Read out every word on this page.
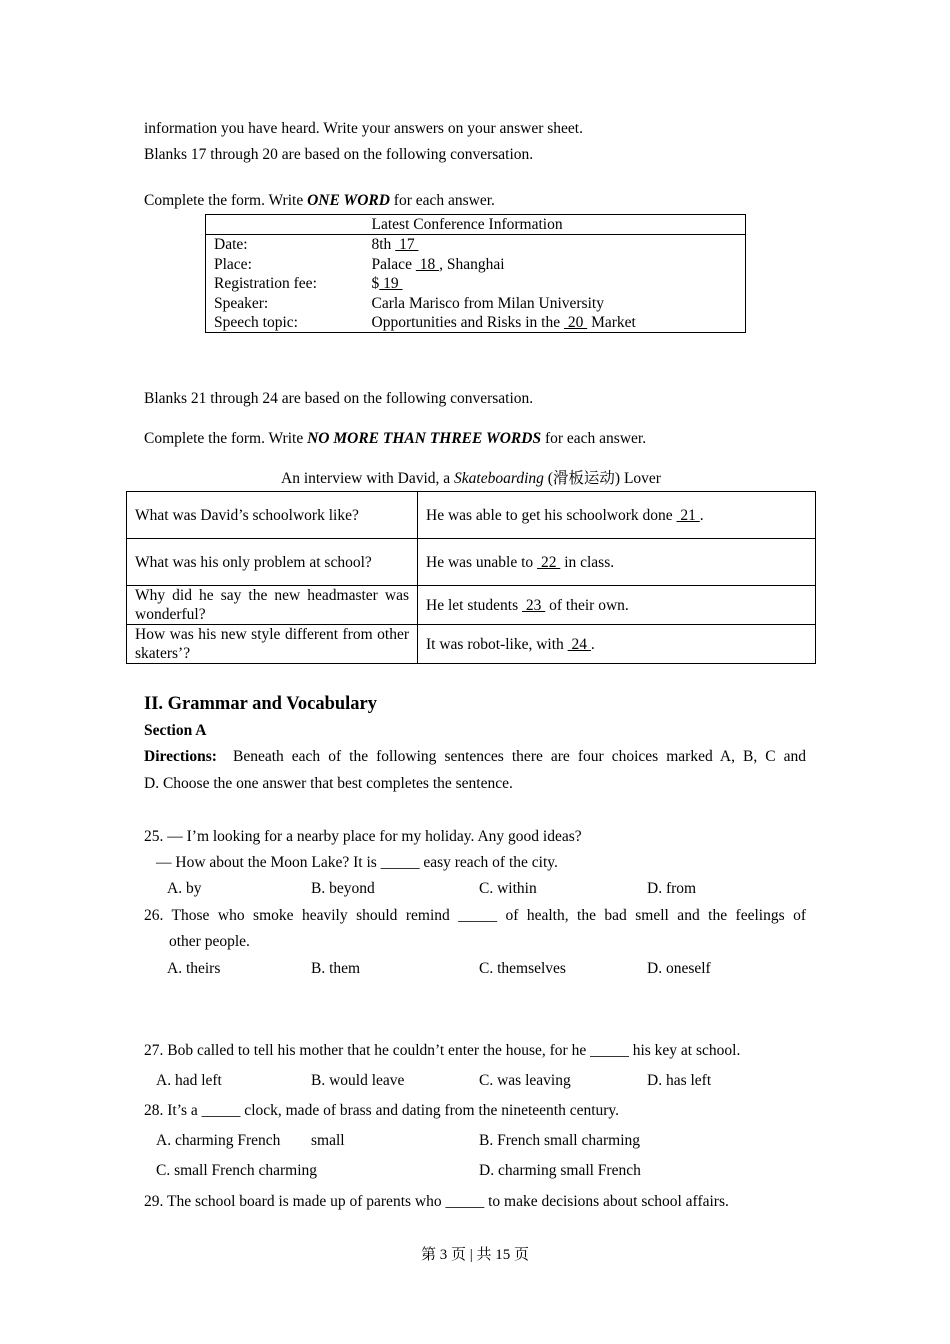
information you have heard. Write your answers on your answer sheet.
Blanks 17 through 20 are based on the following conversation.
Complete the form. Write ONE WORD for each answer.
	Latest Conference Information
Date:	8th  17
Place:	Palace  18 , Shanghai
Registration fee:	$ 19
Speaker:	Carla Marisco from Milan University
Speech topic:	Opportunities and Risks in the  20  Market
Blanks 21 through 24 are based on the following conversation.
Complete the form. Write NO MORE THAN THREE WORDS for each answer.
An interview with David, a Skateboarding (滑板运动) Lover
What was David’s schoolwork like?	He was able to get his schoolwork done  21 .
What was his only problem at school?	He was unable to  22  in class.
Why did he say the new headmaster was wonderful?	He let students  23  of their own.
How was his new style different from other skaters’?	It was robot-like, with  24 .
II. Grammar and Vocabulary
Section A
Directions:  Beneath each of the following sentences there are four choices marked A, B, C and
D. Choose the one answer that best completes the sentence.
25. — I’m looking for a nearby place for my holiday. Any good ideas?
— How about the Moon Lake? It is _____ easy reach of the city.
A. by	B. beyond	C. within	D. from
26. Those who smoke heavily should remind _____ of health, the bad smell and the feelings of
other people.
A. theirs	B. them	C. themselves	D. oneself
27. Bob called to tell his mother that he couldn’t enter the house, for he _____ his key at school.
A. had left	B. would leave	C. was leaving	D. has left
28. It’s a _____ clock, made of brass and dating from the nineteenth century.
A. charming French small	B. French small charming
C. small French charming	D. charming small French
29. The school board is made up of parents who _____ to make decisions about school affairs.
第 3 页 | 共 15 页
